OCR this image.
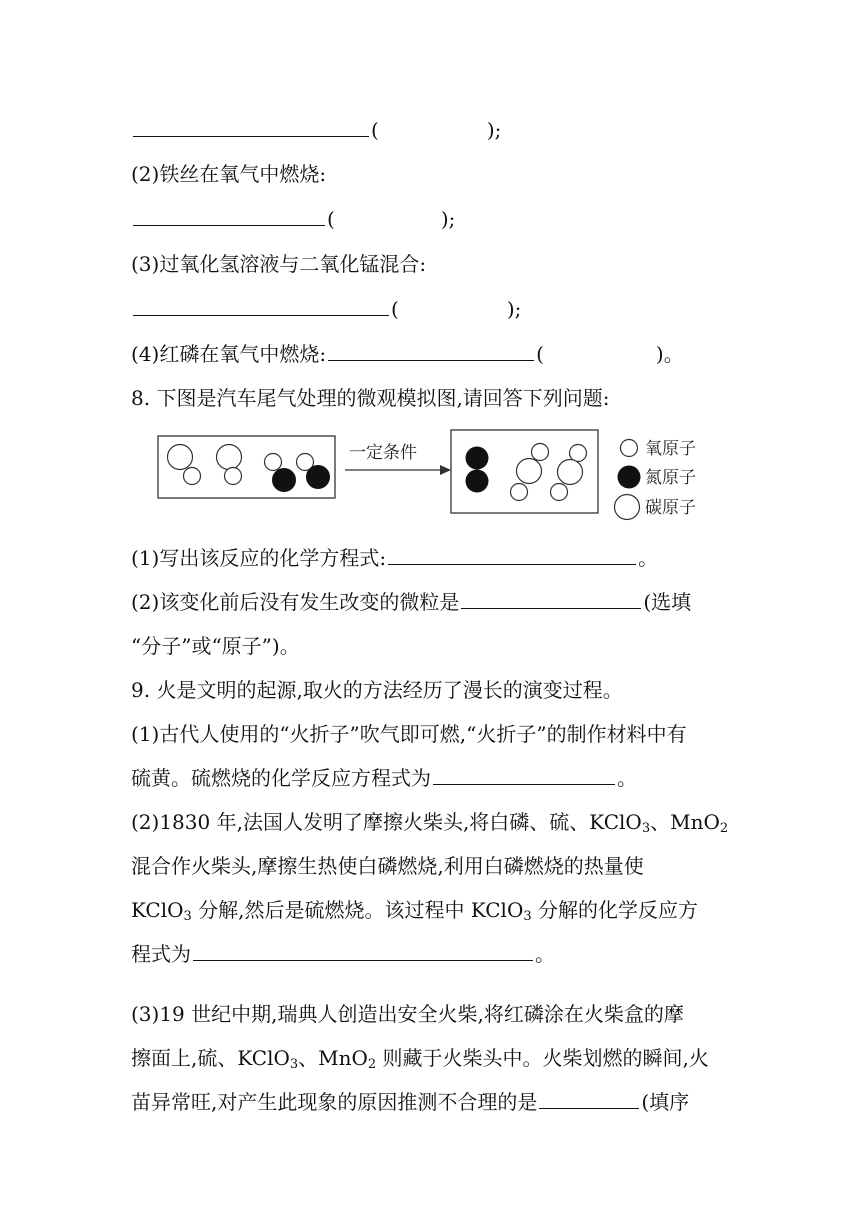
(	);
(2)铁丝在氧气中燃烧:
(	);
(3)过氧化氢溶液与二氧化锰混合:
(	);
(4)红磷在氧气中燃烧:	(	)。
8. 下图是汽车尾气处理的微观模拟图,请回答下列问题:
一定条件	氧原子
氮原子
碳原子
(1)写出该反应的化学方程式:	。
(2)该变化前后没有发生改变的微粒是	(选填
“分子”或“原子”)。
9. 火是文明的起源,取火的方法经历了漫长的演变过程。
(1)古代人使用的“火折子”吹气即可燃,“火折子”的制作材料中有
硫黄。硫燃烧的化学反应方程式为	。
(2)1830 年,法国人发明了摩擦火柴头,将白磷、硫、KClO$_3$、MnO$_2$
混合作火柴头,摩擦生热使白磷燃烧,利用白磷燃烧的热量使
KClO$_3$ 分解,然后是硫燃烧。该过程中 KClO$_3$ 分解的化学反应方
程式为	。
(3)19 世纪中期,瑞典人创造出安全火柴,将红磷涂在火柴盒的摩
擦面上,硫、KClO$_3$、MnO$_2$ 则藏于火柴头中。火柴划燃的瞬间,火
苗异常旺,对产生此现象的原因推测不合理的是	(填序
